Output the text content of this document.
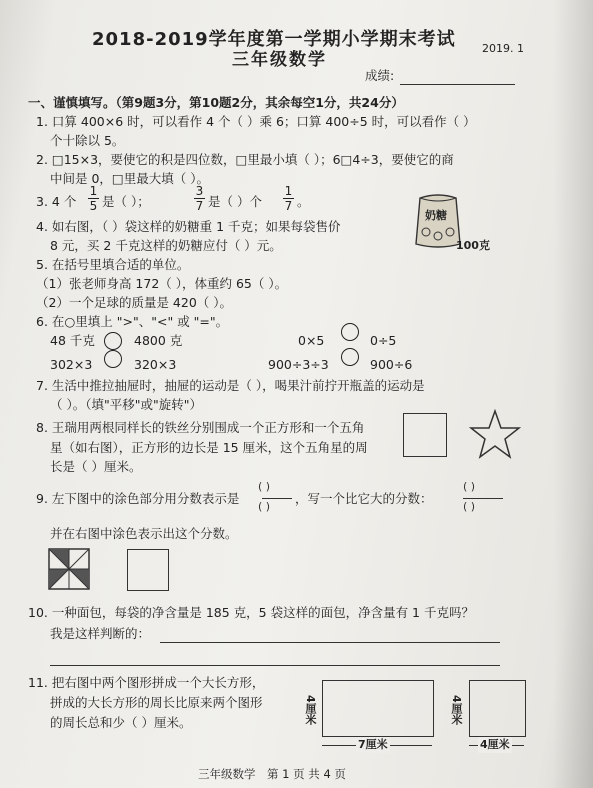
2018-2019学年度第一学期小学期末考试 2019. 1
三年级数学
成绩:
一、谨慎填写。（第9题3分，第10题2分，其余每空1分，共24分）
1. 口算 400×6 时，可以看作 4 个（ ）乘 6；口算 400÷5 时，可以看作（ ）
个十除以 5。
2. □15×3，要使它的积是四位数，□里最小填（ ）；6□4÷3，要使它的商
中间是 0，□里最大填（ ）。
3. 4 个
1
5 是（ ）；
3
7 是（ ）个
1
7 。
4. 如右图，（ ）袋这样的奶糖重 1 千克；如果每袋售价
8 元，买 2 千克这样的奶糖应付（ ）元。
奶糖
100克
5. 在括号里填合适的单位。
（1）张老师身高 172（ ），体重约 65（ ）。
（2）一个足球的质量是 420（ ）。
6. 在○里填上 ">"、"<" 或 "="。
48 千克	4800 克	0×5	0÷5
302×3	320×3	900÷3÷3	900÷6
7. 生活中推拉抽屉时，抽屉的运动是（ ），喝果汁前拧开瓶盖的运动是
（ ）。（填"平移"或"旋转"）
8. 王瑞用两根同样长的铁丝分别围成一个正方形和一个五角
星（如右图），正方形的边长是 15 厘米，这个五角星的周
长是（ ）厘米。
9. 左下图中的涂色部分用分数表示是
( )
( )
，写一个比它大的分数：
( )
( )
并在右图中涂色表示出这个分数。
10. 一种面包，每袋的净含量是 185 克，5 袋这样的面包，净含量有 1 千克吗？
我是这样判断的：
11. 把右图中两个图形拼成一个大长方形，
拼成的大长方形的周长比原来两个图形
的周长总和少（ ）厘米。	4厘米
7厘米
4厘米
4厘米
三年级数学　第 1 页 共 4 页
